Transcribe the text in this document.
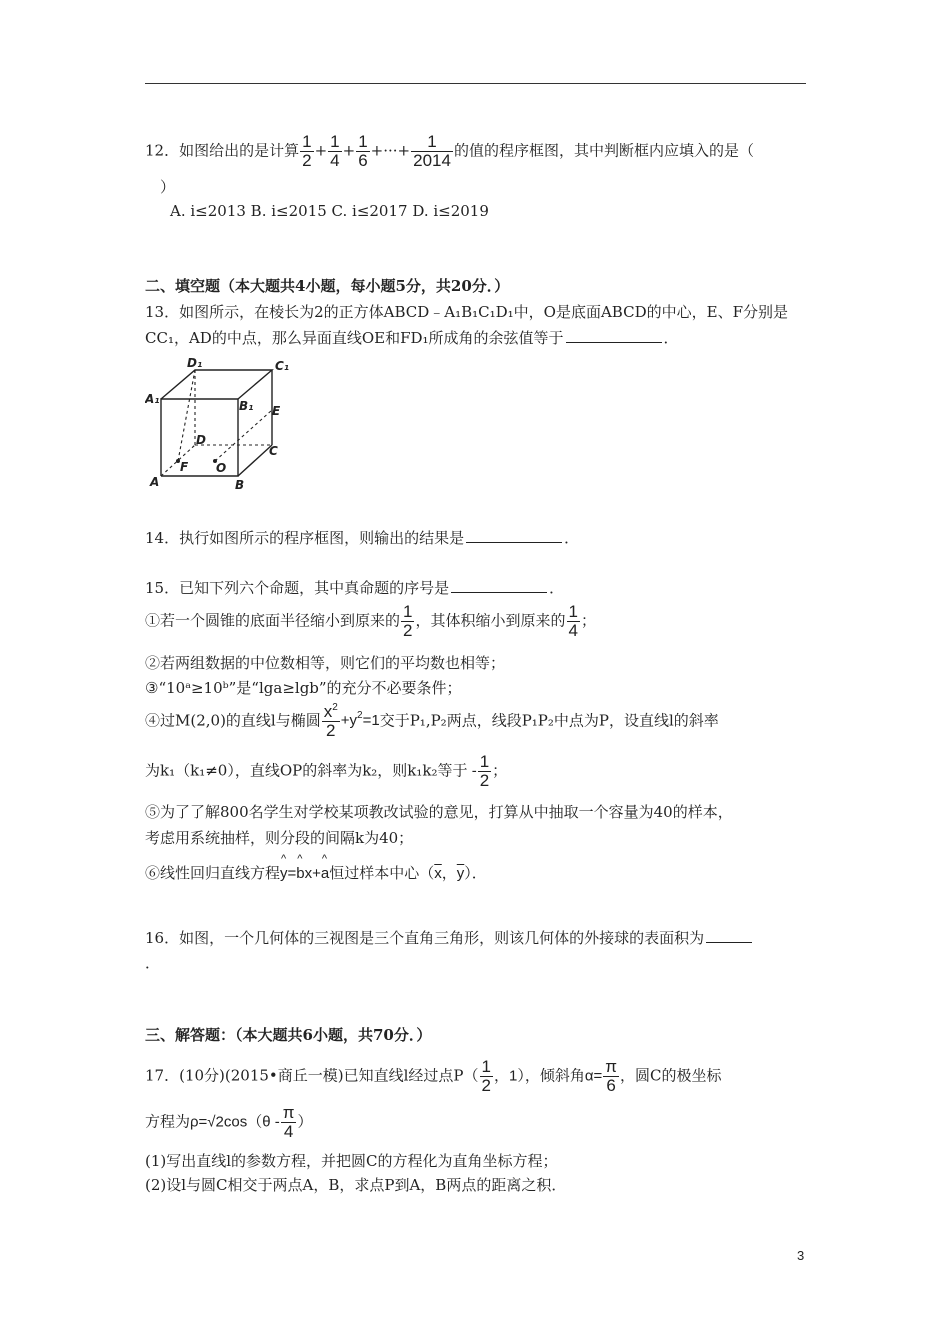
12．如图给出的是计算 $\frac{1}{2} + \frac{1}{4} + \frac{1}{6}$ +···+ $\frac{1}{2014}$ 的值的程序框图，其中判断框内应填入的是（
）
A. i≤2013 B. i≤2015 C. i≤2017 D. i≤2019
二、填空题（本大题共4小题，每小题5分，共20分．）
13．如图所示，在棱长为2的正方体ABCD﹣A₁B₁C₁D₁中，O是底面ABCD的中心，E、F分别是
CC₁，AD的中点，那么异面直线OE和FD₁所成角的余弦值等于	．
D₁	C₁
A₁	B₁ E
D
C
F O
A	B
14．执行如图所示的程序框图，则输出的结果是	．
15．已知下列六个命题，其中真命题的序号是	．
①若一个圆锥的底面半径缩小到原来的 $\frac{1}{2}$ ，其体积缩小到原来的 $\frac{1}{4}$ ；
②若两组数据的中位数相等，则它们的平均数也相等；
③“10ᵃ≥10ᵇ”是“lga≥lgb”的充分不必要条件；
④过M(2,0)的直线l与椭圆 $\frac{x^2}{2} +y^2=1$交于P₁,P₂两点，线段P₁P₂中点为P，设直线l的斜率
为k₁（k₁≠0），直线OP的斜率为k₂，则k₁k₂等于 - $\frac{1}{2}$ ；
⑤为了了解800名学生对学校某项教改试验的意见，打算从中抽取一个容量为40的样本，
考虑用系统抽样，则分段的间隔k为40；
⑥线性回归直线方程^ y=^ bx+^ a恒过样本中心（$\overline{x}$，$\overline{y}$）．
16．如图，一个几何体的三视图是三个直角三角形，则该几何体的外接球的表面积为
．
三、解答题：（本大题共6小题，共70分．）
17．(10分)(2015•商丘一模)已知直线l经过点$P( \frac{1}{2}$ ，1），倾斜角$\alpha= \frac{\pi}{6}$ ，圆C的极坐标
方程为$\rho=√2\cos(\theta - \frac{\pi}{4}$ ）
(1)写出直线l的参数方程，并把圆C的方程化为直角坐标方程；
(2)设l与圆C相交于两点A，B，求点P到A，B两点的距离之积．
3
